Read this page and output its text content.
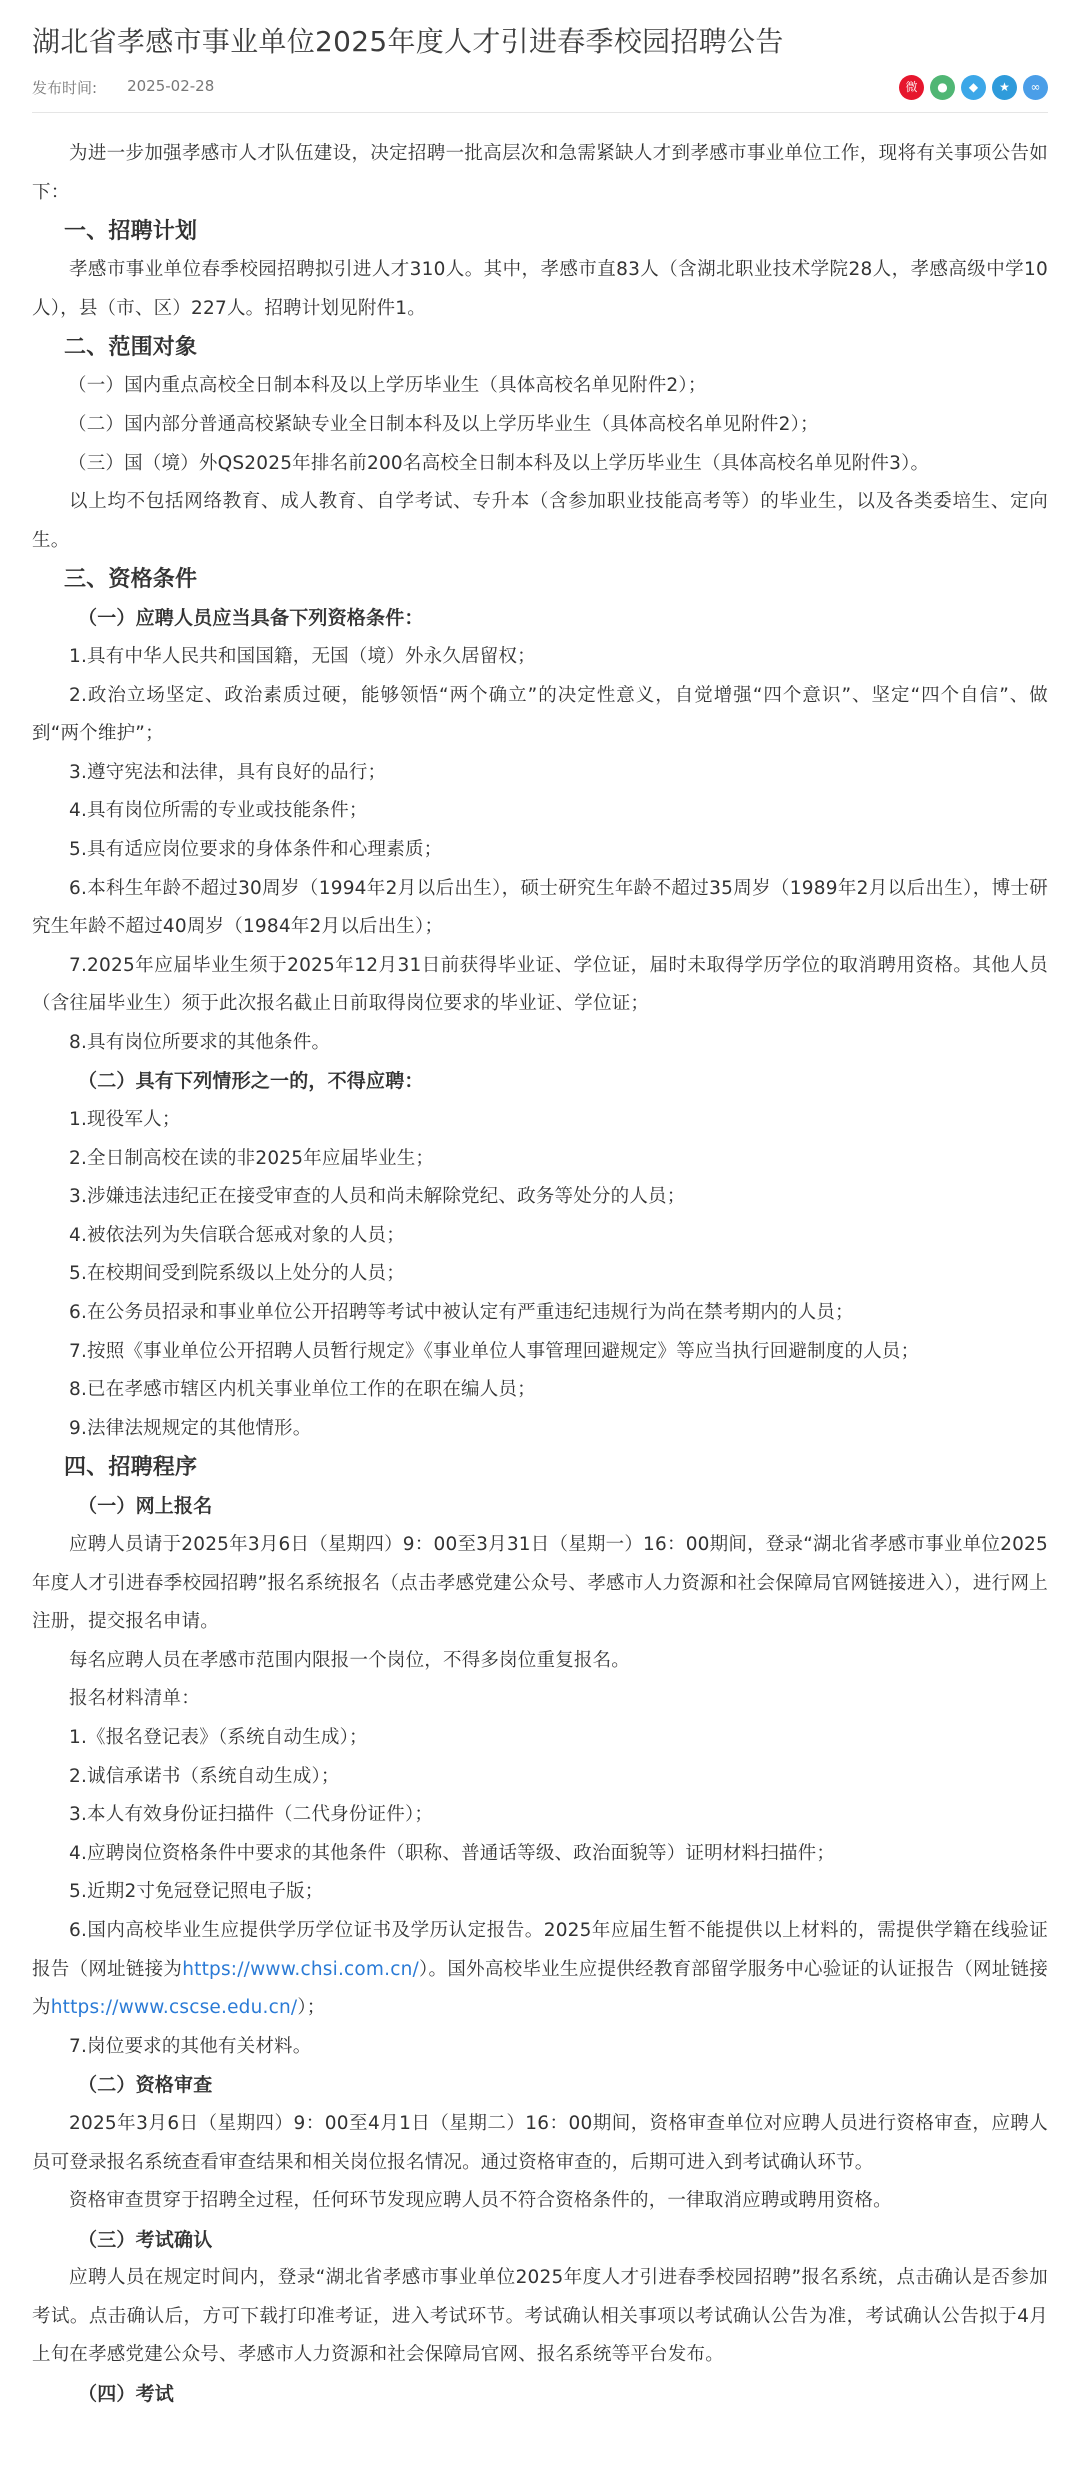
湖北省孝感市事业单位2025年度人才引进春季校园招聘公告
发布时间: 2025-02-28	微	●	◆	★	∞

为进一步加强孝感市人才队伍建设，决定招聘一批高层次和急需紧缺人才到孝感市事业单位工作，现将有关事项公告如下：

一、招聘计划

孝感市事业单位春季校园招聘拟引进人才310人。其中，孝感市直83人（含湖北职业技术学院28人，孝感高级中学10人），县（市、区）227人。招聘计划见附件1。

二、范围对象

（一）国内重点高校全日制本科及以上学历毕业生（具体高校名单见附件2）；

（二）国内部分普通高校紧缺专业全日制本科及以上学历毕业生（具体高校名单见附件2）；

（三）国（境）外QS2025年排名前200名高校全日制本科及以上学历毕业生（具体高校名单见附件3）。

以上均不包括网络教育、成人教育、自学考试、专升本（含参加职业技能高考等）的毕业生，以及各类委培生、定向生。

三、资格条件

（一）应聘人员应当具备下列资格条件：

1.具有中华人民共和国国籍，无国（境）外永久居留权；

2.政治立场坚定、政治素质过硬，能够领悟“两个确立”的决定性意义，自觉增强“四个意识”、坚定“四个自信”、做到“两个维护”；

3.遵守宪法和法律，具有良好的品行；

4.具有岗位所需的专业或技能条件；

5.具有适应岗位要求的身体条件和心理素质；

6.本科生年龄不超过30周岁（1994年2月以后出生），硕士研究生年龄不超过35周岁（1989年2月以后出生），博士研究生年龄不超过40周岁（1984年2月以后出生）；

7.2025年应届毕业生须于2025年12月31日前获得毕业证、学位证，届时未取得学历学位的取消聘用资格。其他人员（含往届毕业生）须于此次报名截止日前取得岗位要求的毕业证、学位证；

8.具有岗位所要求的其他条件。

（二）具有下列情形之一的，不得应聘：

1.现役军人；

2.全日制高校在读的非2025年应届毕业生；

3.涉嫌违法违纪正在接受审查的人员和尚未解除党纪、政务等处分的人员；

4.被依法列为失信联合惩戒对象的人员；

5.在校期间受到院系级以上处分的人员；

6.在公务员招录和事业单位公开招聘等考试中被认定有严重违纪违规行为尚在禁考期内的人员；

7.按照《事业单位公开招聘人员暂行规定》《事业单位人事管理回避规定》等应当执行回避制度的人员；

8.已在孝感市辖区内机关事业单位工作的在职在编人员；

9.法律法规规定的其他情形。

四、招聘程序

（一）网上报名

应聘人员请于2025年3月6日（星期四）9：00至3月31日（星期一）16：00期间，登录“湖北省孝感市事业单位2025年度人才引进春季校园招聘”报名系统报名（点击孝感党建公众号、孝感市人力资源和社会保障局官网链接进入），进行网上注册，提交报名申请。

每名应聘人员在孝感市范围内限报一个岗位，不得多岗位重复报名。

报名材料清单：

1.《报名登记表》（系统自动生成）；

2.诚信承诺书（系统自动生成）；

3.本人有效身份证扫描件（二代身份证件）；

4.应聘岗位资格条件中要求的其他条件（职称、普通话等级、政治面貌等）证明材料扫描件；

5.近期2寸免冠登记照电子版；

6.国内高校毕业生应提供学历学位证书及学历认定报告。2025年应届生暂不能提供以上材料的，需提供学籍在线验证报告（网址链接为https://www.chsi.com.cn/）。国外高校毕业生应提供经教育部留学服务中心验证的认证报告（网址链接为https://www.cscse.edu.cn/）；

7.岗位要求的其他有关材料。

（二）资格审查

2025年3月6日（星期四）9：00至4月1日（星期二）16：00期间，资格审查单位对应聘人员进行资格审查，应聘人员可登录报名系统查看审查结果和相关岗位报名情况。通过资格审查的，后期可进入到考试确认环节。

资格审查贯穿于招聘全过程，任何环节发现应聘人员不符合资格条件的，一律取消应聘或聘用资格。

（三）考试确认

应聘人员在规定时间内，登录“湖北省孝感市事业单位2025年度人才引进春季校园招聘”报名系统，点击确认是否参加考试。点击确认后，方可下载打印准考证，进入考试环节。考试确认相关事项以考试确认公告为准，考试确认公告拟于4月上旬在孝感党建公众号、孝感市人力资源和社会保障局官网、报名系统等平台发布。

（四）考试
